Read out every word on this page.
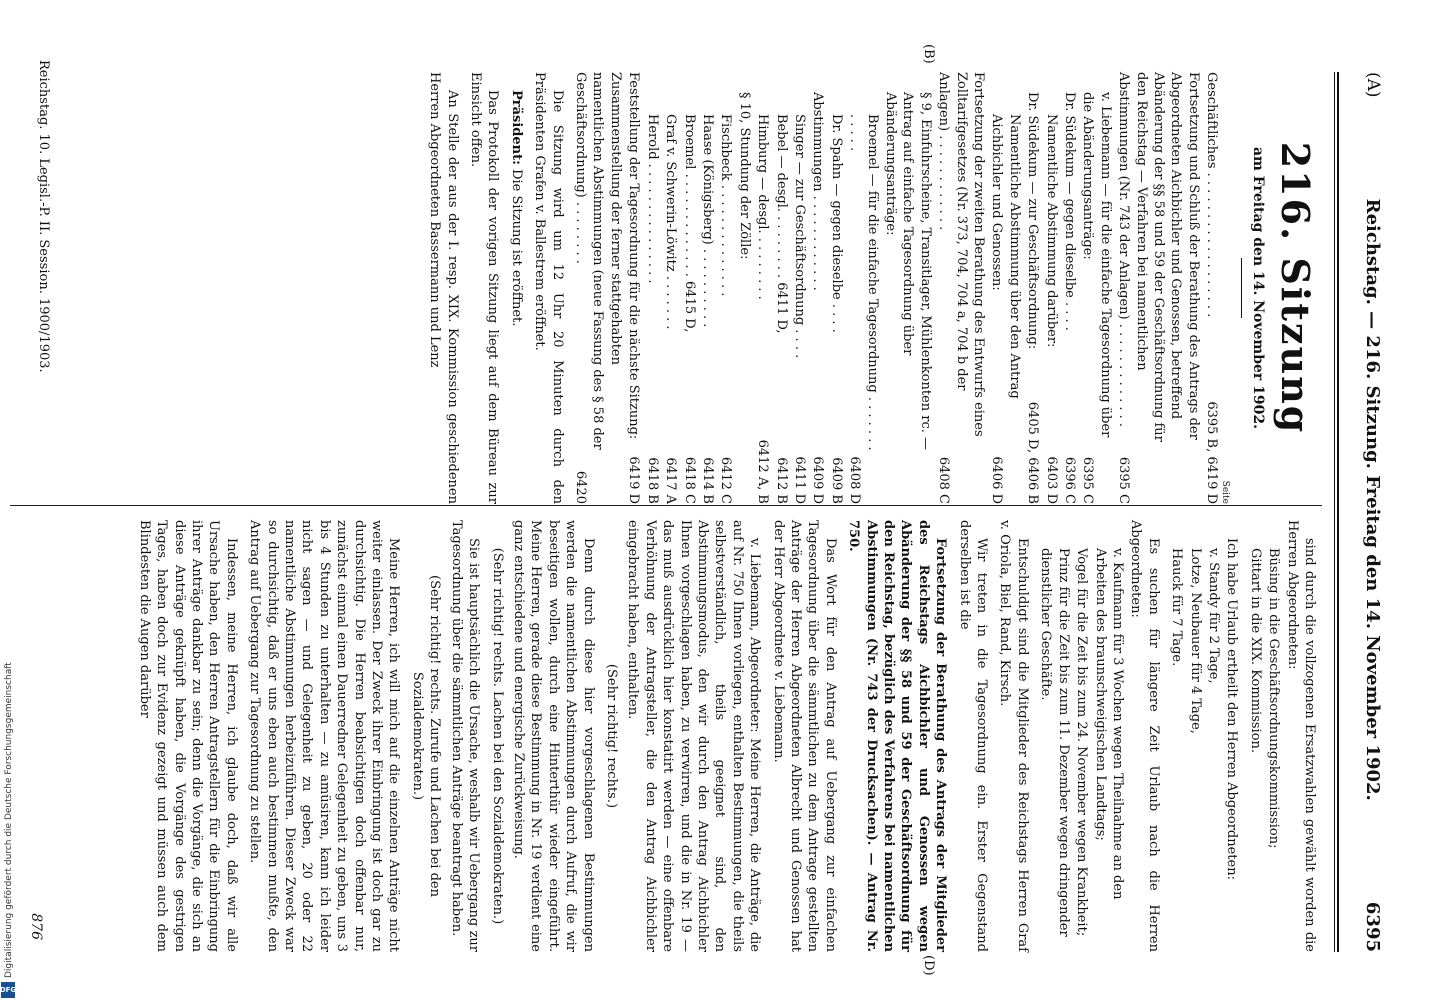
(A)
Reichstag. — 216. Sitzung. Freitag den 14. November 1902.
6395
(B)
(D)
216. Sitzung
am Freitag den 14. November 1902.
Seite
Geschäftliches . . . . . . . . . . . . . . . . . .
6395 B, 6419 D
Fortsetzung und Schluß der Berathung des Antrags der Abgeordneten Aichbichler und Genossen, betreffend Abänderung der §§ 58 und 59 der Geschäftsordnung für den Reichstag — Verfahren bei namentlichen Abstimmungen (Nr. 743 der Anlagen) . . . . . . . . . . . . .
6395 C
v. Liebemann — für die einfache Tagesordnung über die Abänderungsanträge:
6395 C
Dr. Südekum — gegen dieselbe . . . .
6396 C
Namentliche Abstimmung darüber:
6403 D
Dr. Südekum — zur Geschäftsordnung:
6405 D, 6406 B
Namentliche Abstimmung über den Antrag Aichbichler und Genossen:
6406 D
Fortsetzung der zweiten Berathung des Entwurfs eines Zolltarifgesetzes (Nr. 373, 704, 704 a, 704 b der Anlagen) . . . . . . . . . . . .
6408 C
§ 9, Einfuhrscheine, Transitlager, Mühlenkonten rc. — Antrag auf einfache Tagesordnung über Abänderungsanträge:
Broemel — für die einfache Tagesordnung . . . . . . . . . . . .
6408 D
Dr. Spahn — gegen dieselbe . . . .
6409 B
Abstimmungen . . . . . . . . . . . .
6409 D
Singer — zur Geschäftsordnung . . . .
6411 D
Bebel — desgl. . . . . . . . . 6411 D,
6412 B
Himburg — desgl. . . . . . . . .
6412 A, B
§ 10, Stundung der Zölle:
Fischbeck . . . . . . . . . . . . . .
6412 C
Haase (Königsberg) . . . . . . . . . .
6414 B
Broemel . . . . . . . . . . . . . 6415 D,
6418 C
Graf v. Schwerin-Löwitz . . . . . . .
6417 A
Herold . . . . . . . . . . . . . . .
6418 B
Feststellung der Tagesordnung für die nächste Sitzung:
6419 D
Zusammenstellung der ferner stattgehabten namentlichen Abstimmungen (neue Fassung des § 58 der Geschäftsordnung) . . . . . . . .
6420

Die Sitzung wird um 12 Uhr 20 Minuten durch den Präsidenten Grafen v. Ballestrem eröffnet.

Präsident: Die Sitzung ist eröffnet.

Das Protokoll der vorigen Sitzung liegt auf dem Büreau zur Einsicht offen.

An Stelle der aus der I. resp. XIX. Kommission geschiedenen Herren Abgeordneten Bassermann und Lenz

sind durch die vollzogenen Ersatzwahlen gewählt worden die Herren Abgeordneten:

Büsing in die Geschäftsordnungskommission;

Gittart in die XIX. Kommission.

Ich habe Urlaub ertheilt den Herren Abgeordneten:

v. Standy für 2 Tage,

Lotze, Neubauer für 4 Tage,

Hauck für 7 Tage.

Es suchen für längere Zeit Urlaub nach die Herren Abgeordneten:

v. Kaufmann für 3 Wochen wegen Theilnahme an den Arbeiten des braunschweigischen Landtags;

Vogel für die Zeit bis zum 24. November wegen Krankheit;

Prinz für die Zeit bis zum 11. Dezember wegen dringender dienstlicher Geschäfte.

Entschuldigt sind die Mitglieder des Reichstags Herren Graf v. Oriola, Biel, Rand, Kirsch.

Wir treten in die Tagesordnung ein. Erster Gegenstand derselben ist die

Fortsetzung der Berathung des Antrags der Mitglieder des Reichstags Aichbichler und Genossen wegen Abänderung der §§ 58 und 59 der Geschäftsordnung für den Reichstag, bezüglich des Verfahrens bei namentlichen Abstimmungen (Nr. 743 der Drucksachen). — Antrag Nr. 750.

Das Wort für den Antrag auf Uebergang zur einfachen Tagesordnung über die sämmtlichen zu dem Antrage gestellten Anträge der Herren Abgeordneten Albrecht und Genossen hat der Herr Abgeordnete v. Liebemann.

v. Liebemann, Abgeordneter: Meine Herren, die Anträge, die auf Nr. 750 Ihnen vorliegen, enthalten Bestimmungen, die theils selbstverständlich, theils geeignet sind, den Abstimmungsmodus, den wir durch den Antrag Aichbichler Ihnen vorgeschlagen haben, zu verwirren, und die in Nr. 19 — das muß ausdrücklich hier konstatirt werden — eine offenbare Verhöhnung der Antragsteller, die den Antrag Aichbichler eingebracht haben, enthalten.

(Sehr richtig! rechts.)

Denn durch diese hier vorgeschlagenen Bestimmungen werden die namentlichen Abstimmungen durch Aufruf, die wir beseitigen wollen, durch eine Hinterthür wieder eingeführt. Meine Herren, gerade diese Bestimmung in Nr. 19 verdient eine ganz entschiedene und energische Zurückweisung.

(Sehr richtig! rechts. Lachen bei den Sozialdemokraten.)

Sie ist hauptsächlich die Ursache, weshalb wir Uebergang zur Tagesordnung über die sämmtlichen Anträge beantragt haben.

(Sehr richtig! rechts. Zurufe und Lachen bei den Sozialdemokraten.)

Meine Herren, ich will mich auf die einzelnen Anträge nicht weiter einlassen. Der Zweck ihrer Einbringung ist doch gar zu durchsichtig. Die Herren beabsichtigen doch offenbar nur, zunächst einmal einen Dauerredner Gelegenheit zu geben, uns 3 bis 4 Stunden zu unterhalten — zu amüsiren, kann ich leider nicht sagen — und Gelegenheit zu geben, 20 oder 22 namentliche Abstimmungen herbeizuführen. Dieser Zweck war so durchsichtig, daß er uns eben auch bestimmen mußte, den Antrag auf Uebergang zur Tagesordnung zu stellen.

Indessen, meine Herren, ich glaube doch, daß wir alle Ursache haben, den Herren Antragstellern für die Einbringung ihrer Anträge dankbar zu sein; denn die Vorgänge, die sich an diese Anträge geknüpft haben, die Vorgänge des gestrigen Tages, haben doch zur Evidenz gezeigt und müssen auch dem Blindesten die Augen darüber

Reichstag. 10. Legisl.-P. II. Session. 1900/1903.
876
Digitalisierung gefördert durch die Deutsche Forschungsgemeinschaft
DFG
